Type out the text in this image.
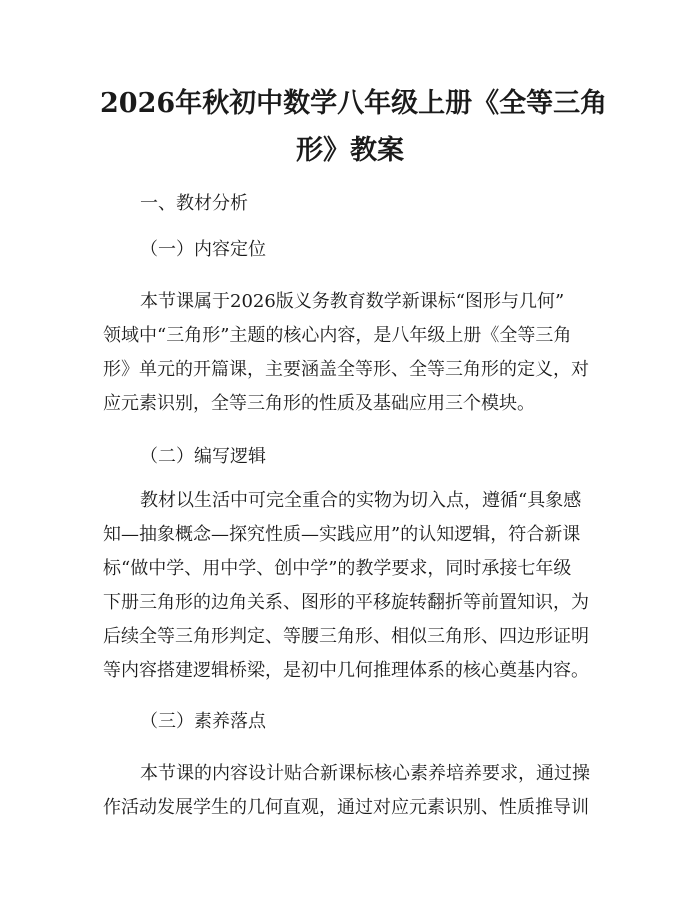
2026年秋初中数学八年级上册《全等三角
形》教案
一、教材分析
（一）内容定位
本节课属于2026版义务教育数学新课标“图形与几何”
领域中“三角形”主题的核心内容，是八年级上册《全等三角
形》单元的开篇课，主要涵盖全等形、全等三角形的定义，对
应元素识别，全等三角形的性质及基础应用三个模块。
（二）编写逻辑
教材以生活中可完全重合的实物为切入点，遵循“具象感
知—抽象概念—探究性质—实践应用”的认知逻辑，符合新课
标“做中学、用中学、创中学”的教学要求，同时承接七年级
下册三角形的边角关系、图形的平移旋转翻折等前置知识，为
后续全等三角形判定、等腰三角形、相似三角形、四边形证明
等内容搭建逻辑桥梁，是初中几何推理体系的核心奠基内容。
（三）素养落点
本节课的内容设计贴合新课标核心素养培养要求，通过操
作活动发展学生的几何直观，通过对应元素识别、性质推导训
